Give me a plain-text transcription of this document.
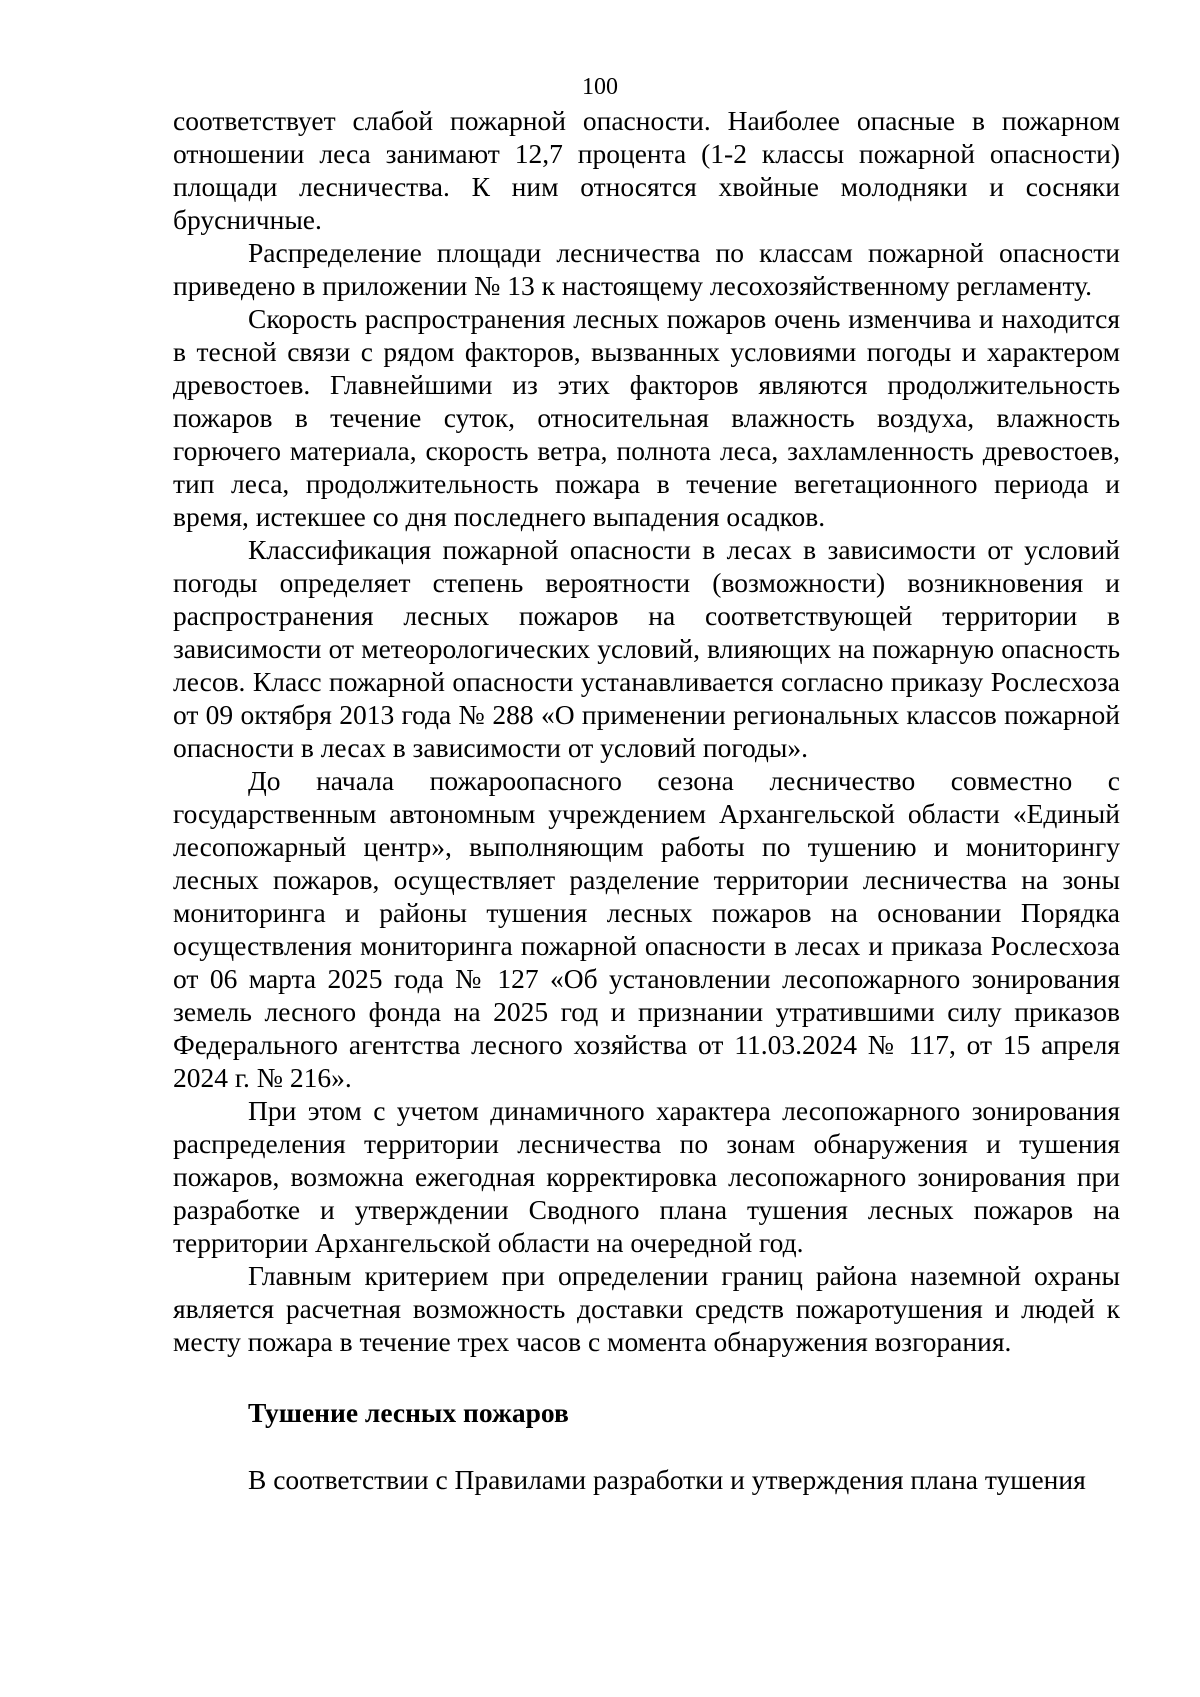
100

соответствует слабой пожарной опасности. Наиболее опасные в пожарном отношении леса занимают 12,7 процента (1-2 классы пожарной опасности) площади лесничества. К ним относятся хвойные молодняки и сосняки брусничные.

Распределение площади лесничества по классам пожарной опасности приведено в приложении № 13 к настоящему лесохозяйственному регламенту.

Скорость распространения лесных пожаров очень изменчива и находится в тесной связи с рядом факторов, вызванных условиями погоды и характером древостоев. Главнейшими из этих факторов являются продолжительность пожаров в течение суток, относительная влажность воздуха, влажность горючего материала, скорость ветра, полнота леса, захламленность древостоев, тип леса, продолжительность пожара в течение вегетационного периода и время, истекшее со дня последнего выпадения осадков.

Классификация пожарной опасности в лесах в зависимости от условий погоды определяет степень вероятности (возможности) возникновения и распространения лесных пожаров на соответствующей территории в зависимости от метеорологических условий, влияющих на пожарную опасность лесов. Класс пожарной опасности устанавливается согласно приказу Рослесхоза от 09 октября 2013 года № 288 «О применении региональных классов пожарной опасности в лесах в зависимости от условий погоды».

До начала пожароопасного сезона лесничество совместно с государственным автономным учреждением Архангельской области «Единый лесопожарный центр», выполняющим работы по тушению и мониторингу лесных пожаров, осуществляет разделение территории лесничества на зоны мониторинга и районы тушения лесных пожаров на основании Порядка осуществления мониторинга пожарной опасности в лесах и приказа Рослесхоза от 06 марта 2025 года № 127 «Об установлении лесопожарного зонирования земель лесного фонда на 2025 год и признании утратившими силу приказов Федерального агентства лесного хозяйства от 11.03.2024 № 117, от 15 апреля 2024 г. № 216».

При этом с учетом динамичного характера лесопожарного зонирования распределения территории лесничества по зонам обнаружения и тушения пожаров, возможна ежегодная корректировка лесопожарного зонирования при разработке и утверждении Сводного плана тушения лесных пожаров на территории Архангельской области на очередной год.

Главным критерием при определении границ района наземной охраны является расчетная возможность доставки средств пожаротушения и людей к месту пожара в течение трех часов с момента обнаружения возгорания.

Тушение лесных пожаров

В соответствии с Правилами разработки и утверждения плана тушения
